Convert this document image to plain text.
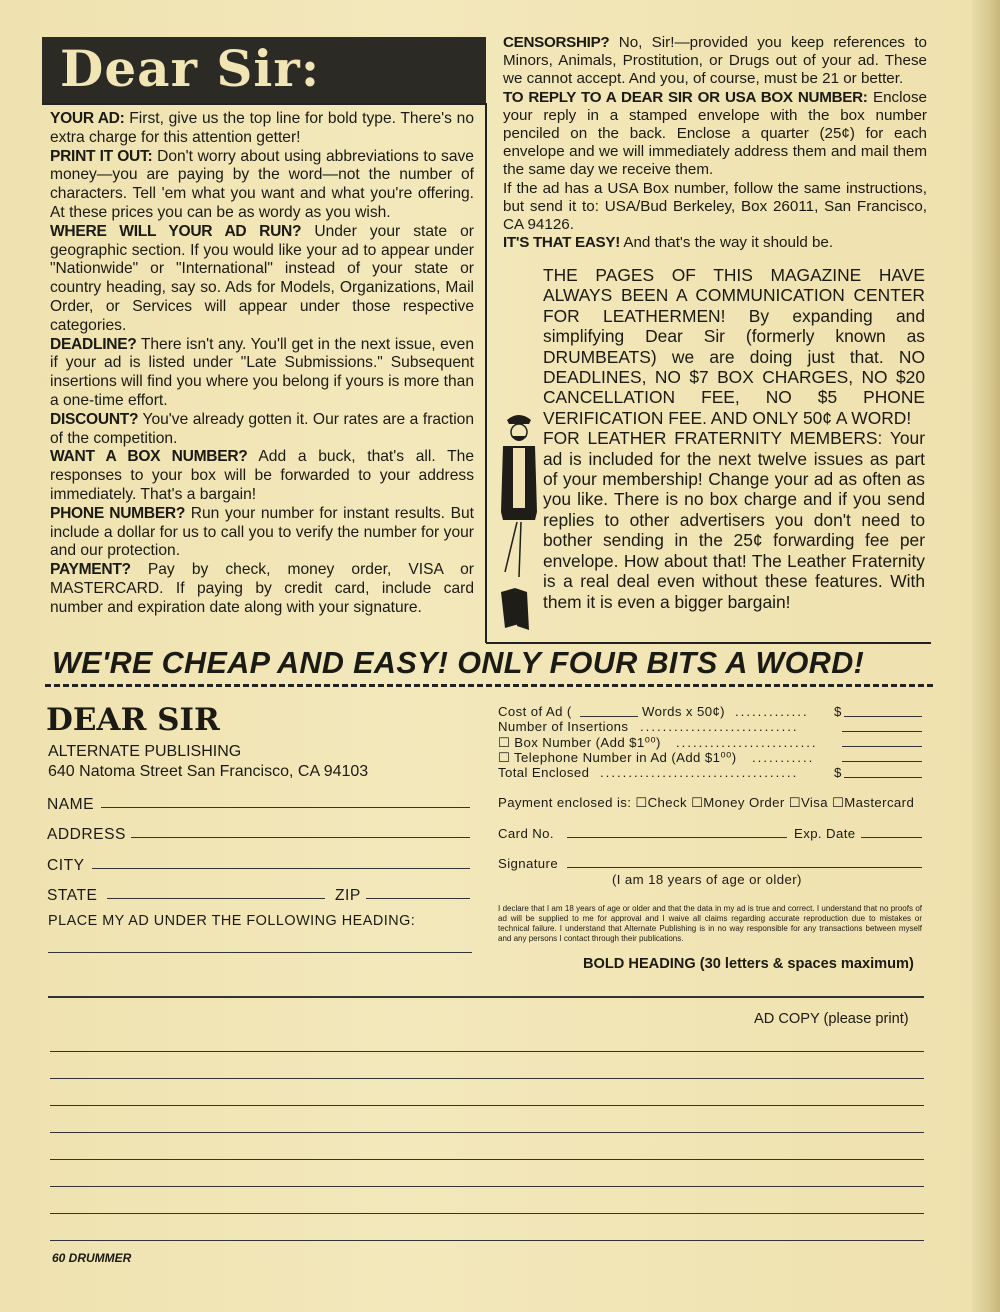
Dear Sir:

YOUR AD: First, give us the top line for bold type. There's no extra charge for this attention getter!

PRINT IT OUT: Don't worry about using abbreviations to save money—you are paying by the word—not the number of characters. Tell 'em what you want and what you're offering. At these prices you can be as wordy as you wish.

WHERE WILL YOUR AD RUN? Under your state or geographic section. If you would like your ad to appear under "Nationwide" or "International" instead of your state or country heading, say so. Ads for Models, Organizations, Mail Order, or Services will appear under those respective categories.

DEADLINE? There isn't any. You'll get in the next issue, even if your ad is listed under "Late Submissions." Subsequent insertions will find you where you belong if yours is more than a one-time effort.

DISCOUNT? You've already gotten it. Our rates are a fraction of the competition.

WANT A BOX NUMBER? Add a buck, that's all. The responses to your box will be forwarded to your address immediately. That's a bargain!

PHONE NUMBER? Run your number for instant results. But include a dollar for us to call you to verify the number for your and our protection.

PAYMENT? Pay by check, money order, VISA or MASTERCARD. If paying by credit card, include card number and expiration date along with your signature.

CENSORSHIP? No, Sir!—provided you keep references to Minors, Animals, Prostitution, or Drugs out of your ad. These we cannot accept. And you, of course, must be 21 or better.

TO REPLY TO A DEAR SIR OR USA BOX NUMBER: Enclose your reply in a stamped envelope with the box number penciled on the back. Enclose a quarter (25¢) for each envelope and we will immediately address them and mail them the same day we receive them.

If the ad has a USA Box number, follow the same instructions, but send it to: USA/Bud Berkeley, Box 26011, San Francisco, CA 94126.

IT'S THAT EASY! And that's the way it should be.

THE PAGES OF THIS MAGAZINE HAVE ALWAYS BEEN A COMMUNICATION CENTER FOR LEATHERMEN! By expanding and simplifying Dear Sir (formerly known as DRUMBEATS) we are doing just that. NO DEADLINES, NO $7 BOX CHARGES, NO $20 CANCELLATION FEE, NO $5 PHONE VERIFICATION FEE. AND ONLY 50¢ A WORD!

FOR LEATHER FRATERNITY MEMBERS: Your ad is included for the next twelve issues as part of your membership! Change your ad as often as you like. There is no box charge and if you send replies to other advertisers you don't need to bother sending in the 25¢ forwarding fee per envelope. How about that! The Leather Fraternity is a real deal even without these features. With them it is even a bigger bargain!

WE'RE CHEAP AND EASY! ONLY FOUR BITS A WORD!
DEAR SIR
ALTERNATE PUBLISHING
640 Natoma Street San Francisco, CA 94103
NAME
ADDRESS
CITY
STATE	ZIP
PLACE MY AD UNDER THE FOLLOWING HEADING:
Cost of Ad (	Words x 50¢) ............. $
Number of Insertions ............................
☐ Box Number (Add $1⁰⁰) .........................
☐ Telephone Number in Ad (Add $1⁰⁰) ...........
Total Enclosed ...................................	$
Payment enclosed is: ☐Check ☐Money Order ☐Visa ☐Mastercard
Card No.	Exp. Date
Signature
(I am 18 years of age or older)
I declare that I am 18 years of age or older and that the data in my ad is true and correct. I understand that no proofs of ad will be supplied to me for approval and I waive all claims regarding accurate reproduction due to mistakes or technical failure. I understand that Alternate Publishing is in no way responsible for any transactions between myself and any persons I contact through their publications.
BOLD HEADING (30 letters & spaces maximum)
AD COPY (please print)
60 DRUMMER
